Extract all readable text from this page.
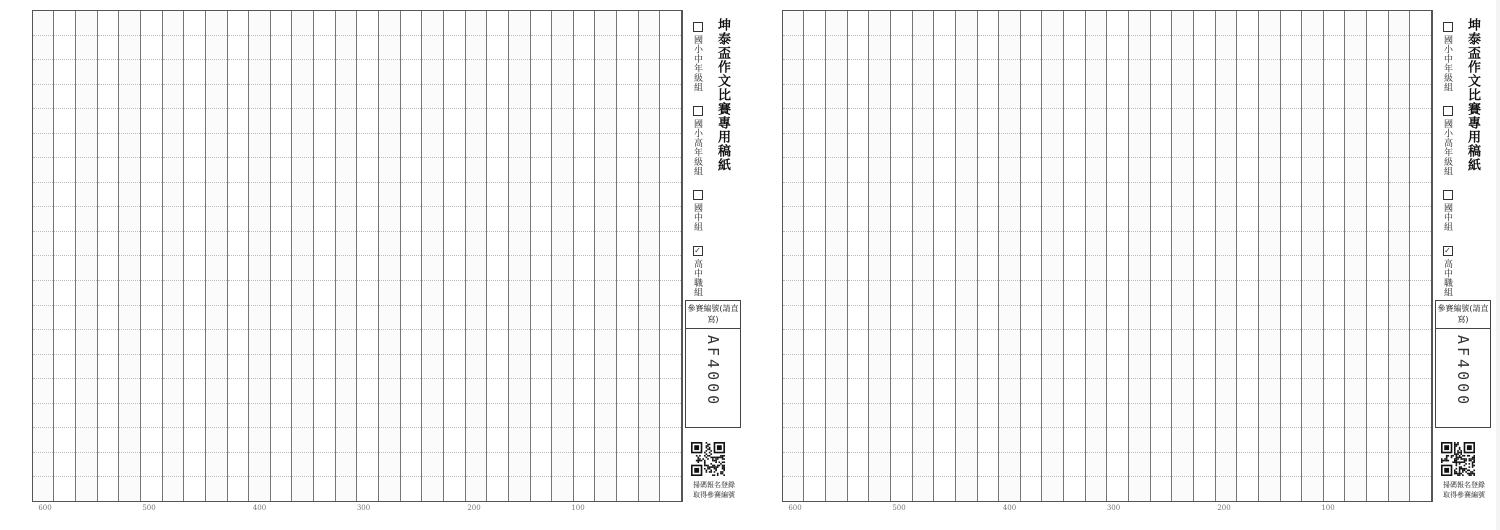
坤泰盃作文比賽專用稿紙
國小中年級組
國小高年級組
國中組
✓
高中職組
參賽編號(請直寫)
AF4000
掃碼報名登錄
取得參賽編號
600	500	400	300	200	100
坤泰盃作文比賽專用稿紙
國小中年級組
國小高年級組
國中組
✓
高中職組
參賽編號(請直寫)
AF4000
掃碼報名登錄
取得參賽編號
600	500	400	300	200	100
